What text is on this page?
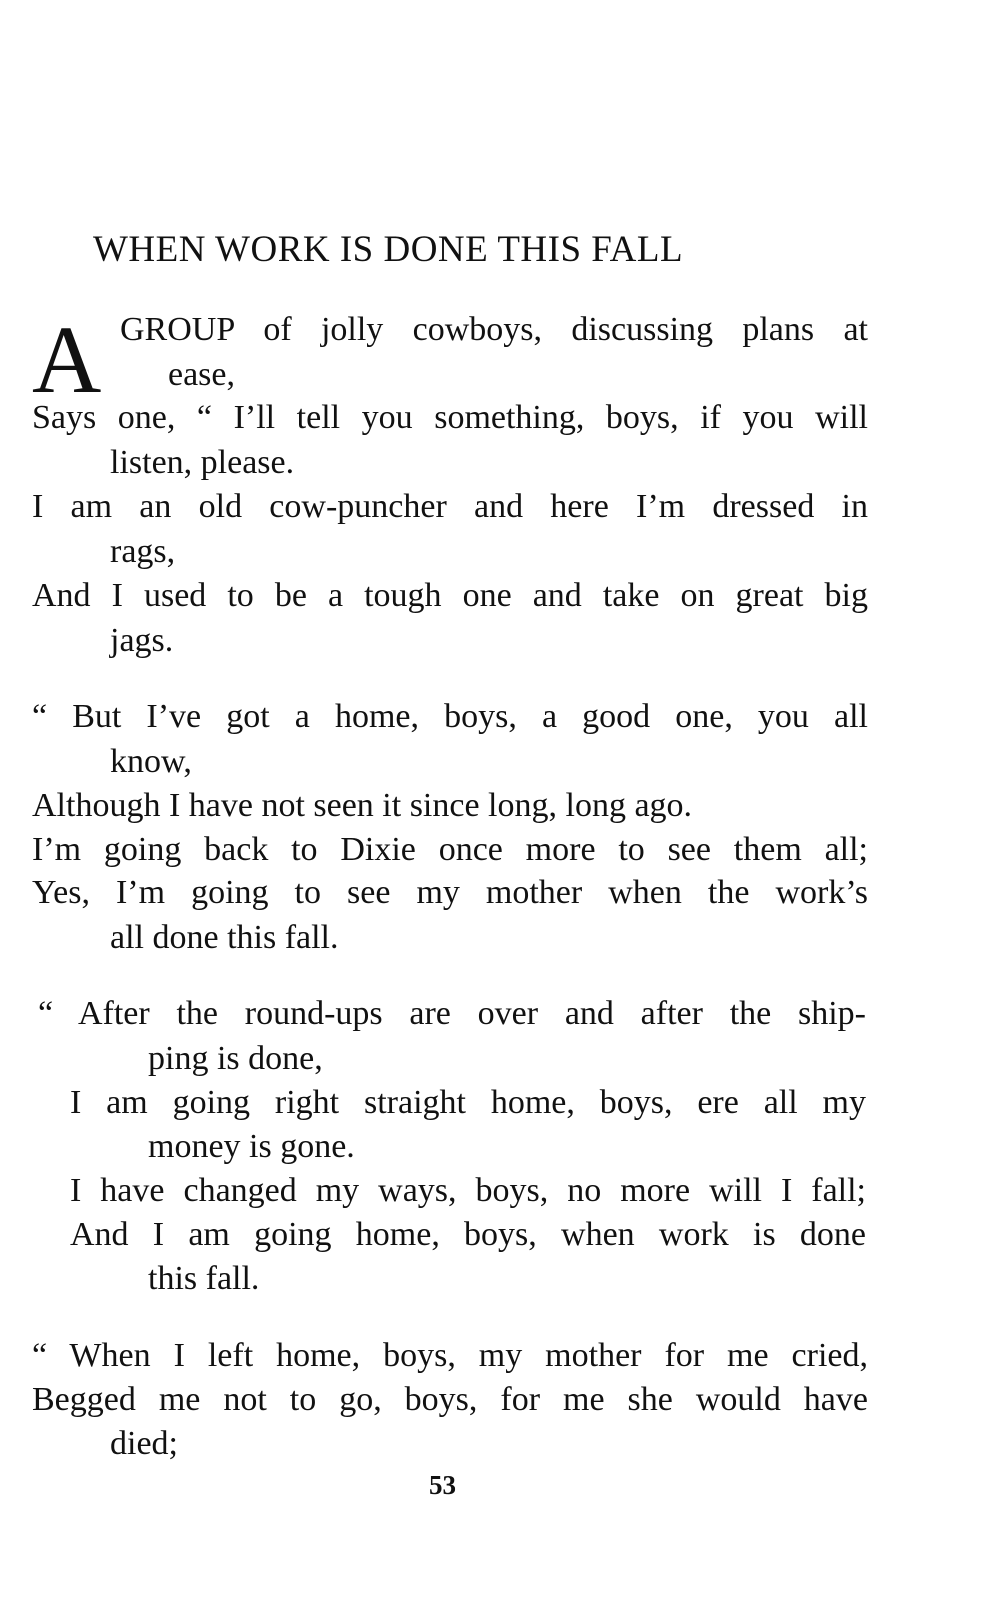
WHEN WORK IS DONE THIS FALL
A GROUP of jolly cowboys, discussing plans at
ease,
Says one, “ I’ll tell you something, boys, if you will
listen, please.
I am an old cow-puncher and here I’m dressed in
rags,
And I used to be a tough one and take on great big
jags.
“ But I’ve got a home, boys, a good one, you all
know,
Although I have not seen it since long, long ago.
I’m going back to Dixie once more to see them all;
Yes, I’m going to see my mother when the work’s
all done this fall.
“ After the round-ups are over and after the ship-
ping is done,
I am going right straight home, boys, ere all my
money is gone.
I have changed my ways, boys, no more will I fall;
And I am going home, boys, when work is done
this fall.
“ When I left home, boys, my mother for me cried,
Begged me not to go, boys, for me she would have
died;
53
